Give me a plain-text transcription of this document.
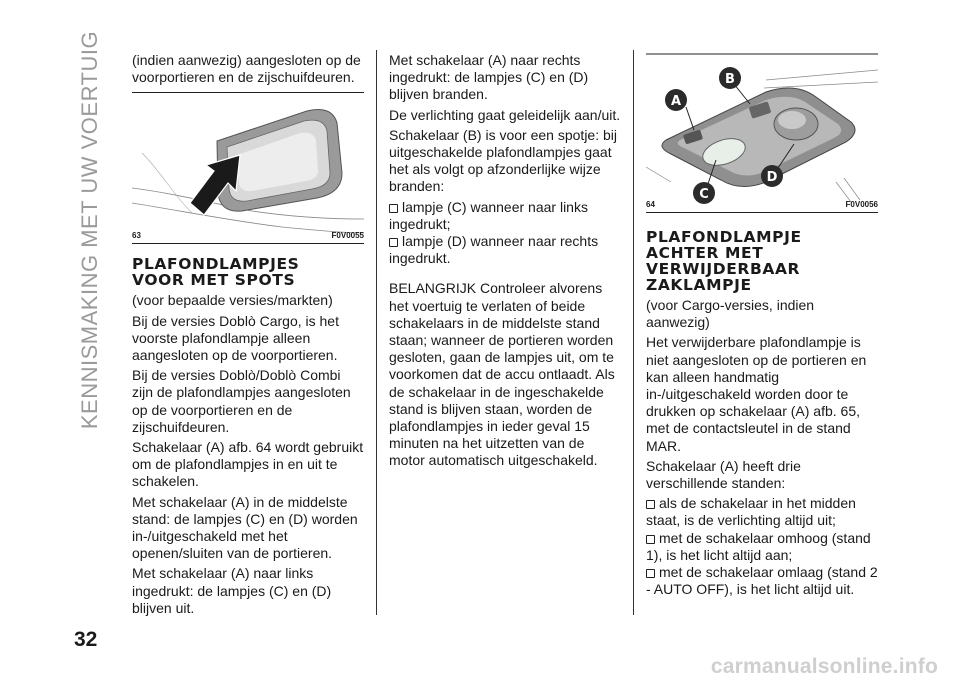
KENNISMAKING MET UW VOERTUIG (indien aanwezig) aangesloten op de voorportieren en de zijschuifdeuren.

63	F0V0055
PLAFONDLAMPJES
VOOR MET SPOTS

(voor bepaalde versies/markten)

Bij de versies Doblò Cargo, is het voorste plafondlampje alleen aangesloten op de voorportieren.

Bij de versies Doblò/Doblò Combi zijn de plafondlampjes aangesloten op de voorportieren en de zijschuifdeuren.

Schakelaar (A) afb. 64 wordt gebruikt om de plafondlampjes in en uit te schakelen.

Met schakelaar (A) in de middelste stand: de lampjes (C) en (D) worden in-/uitgeschakeld met het openen/sluiten van de portieren.

Met schakelaar (A) naar links ingedrukt: de lampjes (C) en (D) blijven uit.

Met schakelaar (A) naar rechts ingedrukt: de lampjes (C) en (D) blijven branden.

De verlichting gaat geleidelijk aan/uit.

Schakelaar (B) is voor een spotje: bij uitgeschakelde plafondlampjes gaat het als volgt op afzonderlijke wijze branden:

lampje (C) wanneer naar links ingedrukt;
lampje (D) wanneer naar rechts ingedrukt.

BELANGRIJK Controleer alvorens het voertuig te verlaten of beide schakelaars in de middelste stand staan; wanneer de portieren worden gesloten, gaan de lampjes uit, om te voorkomen dat de accu ontlaadt. Als de schakelaar in de ingeschakelde stand is blijven staan, worden de plafondlampjes in ieder geval 15 minuten na het uitzetten van de motor automatisch uitgeschakeld.

A
B
C
D
64	F0V0056
PLAFONDLAMPJE
ACHTER MET
VERWIJDERBAAR
ZAKLAMPJE

(voor Cargo-versies, indien aanwezig)

Het verwijderbare plafondlampje is niet aangesloten op de portieren en kan alleen handmatig in-/uitgeschakeld worden door te drukken op schakelaar (A) afb. 65, met de contactsleutel in de stand MAR.

Schakelaar (A) heeft drie verschillende standen:

als de schakelaar in het midden staat, is de verlichting altijd uit;
met de schakelaar omhoog (stand 1), is het licht altijd aan;
met de schakelaar omlaag (stand 2 - AUTO OFF), is het licht altijd uit.
32
carmanualsonline.info
